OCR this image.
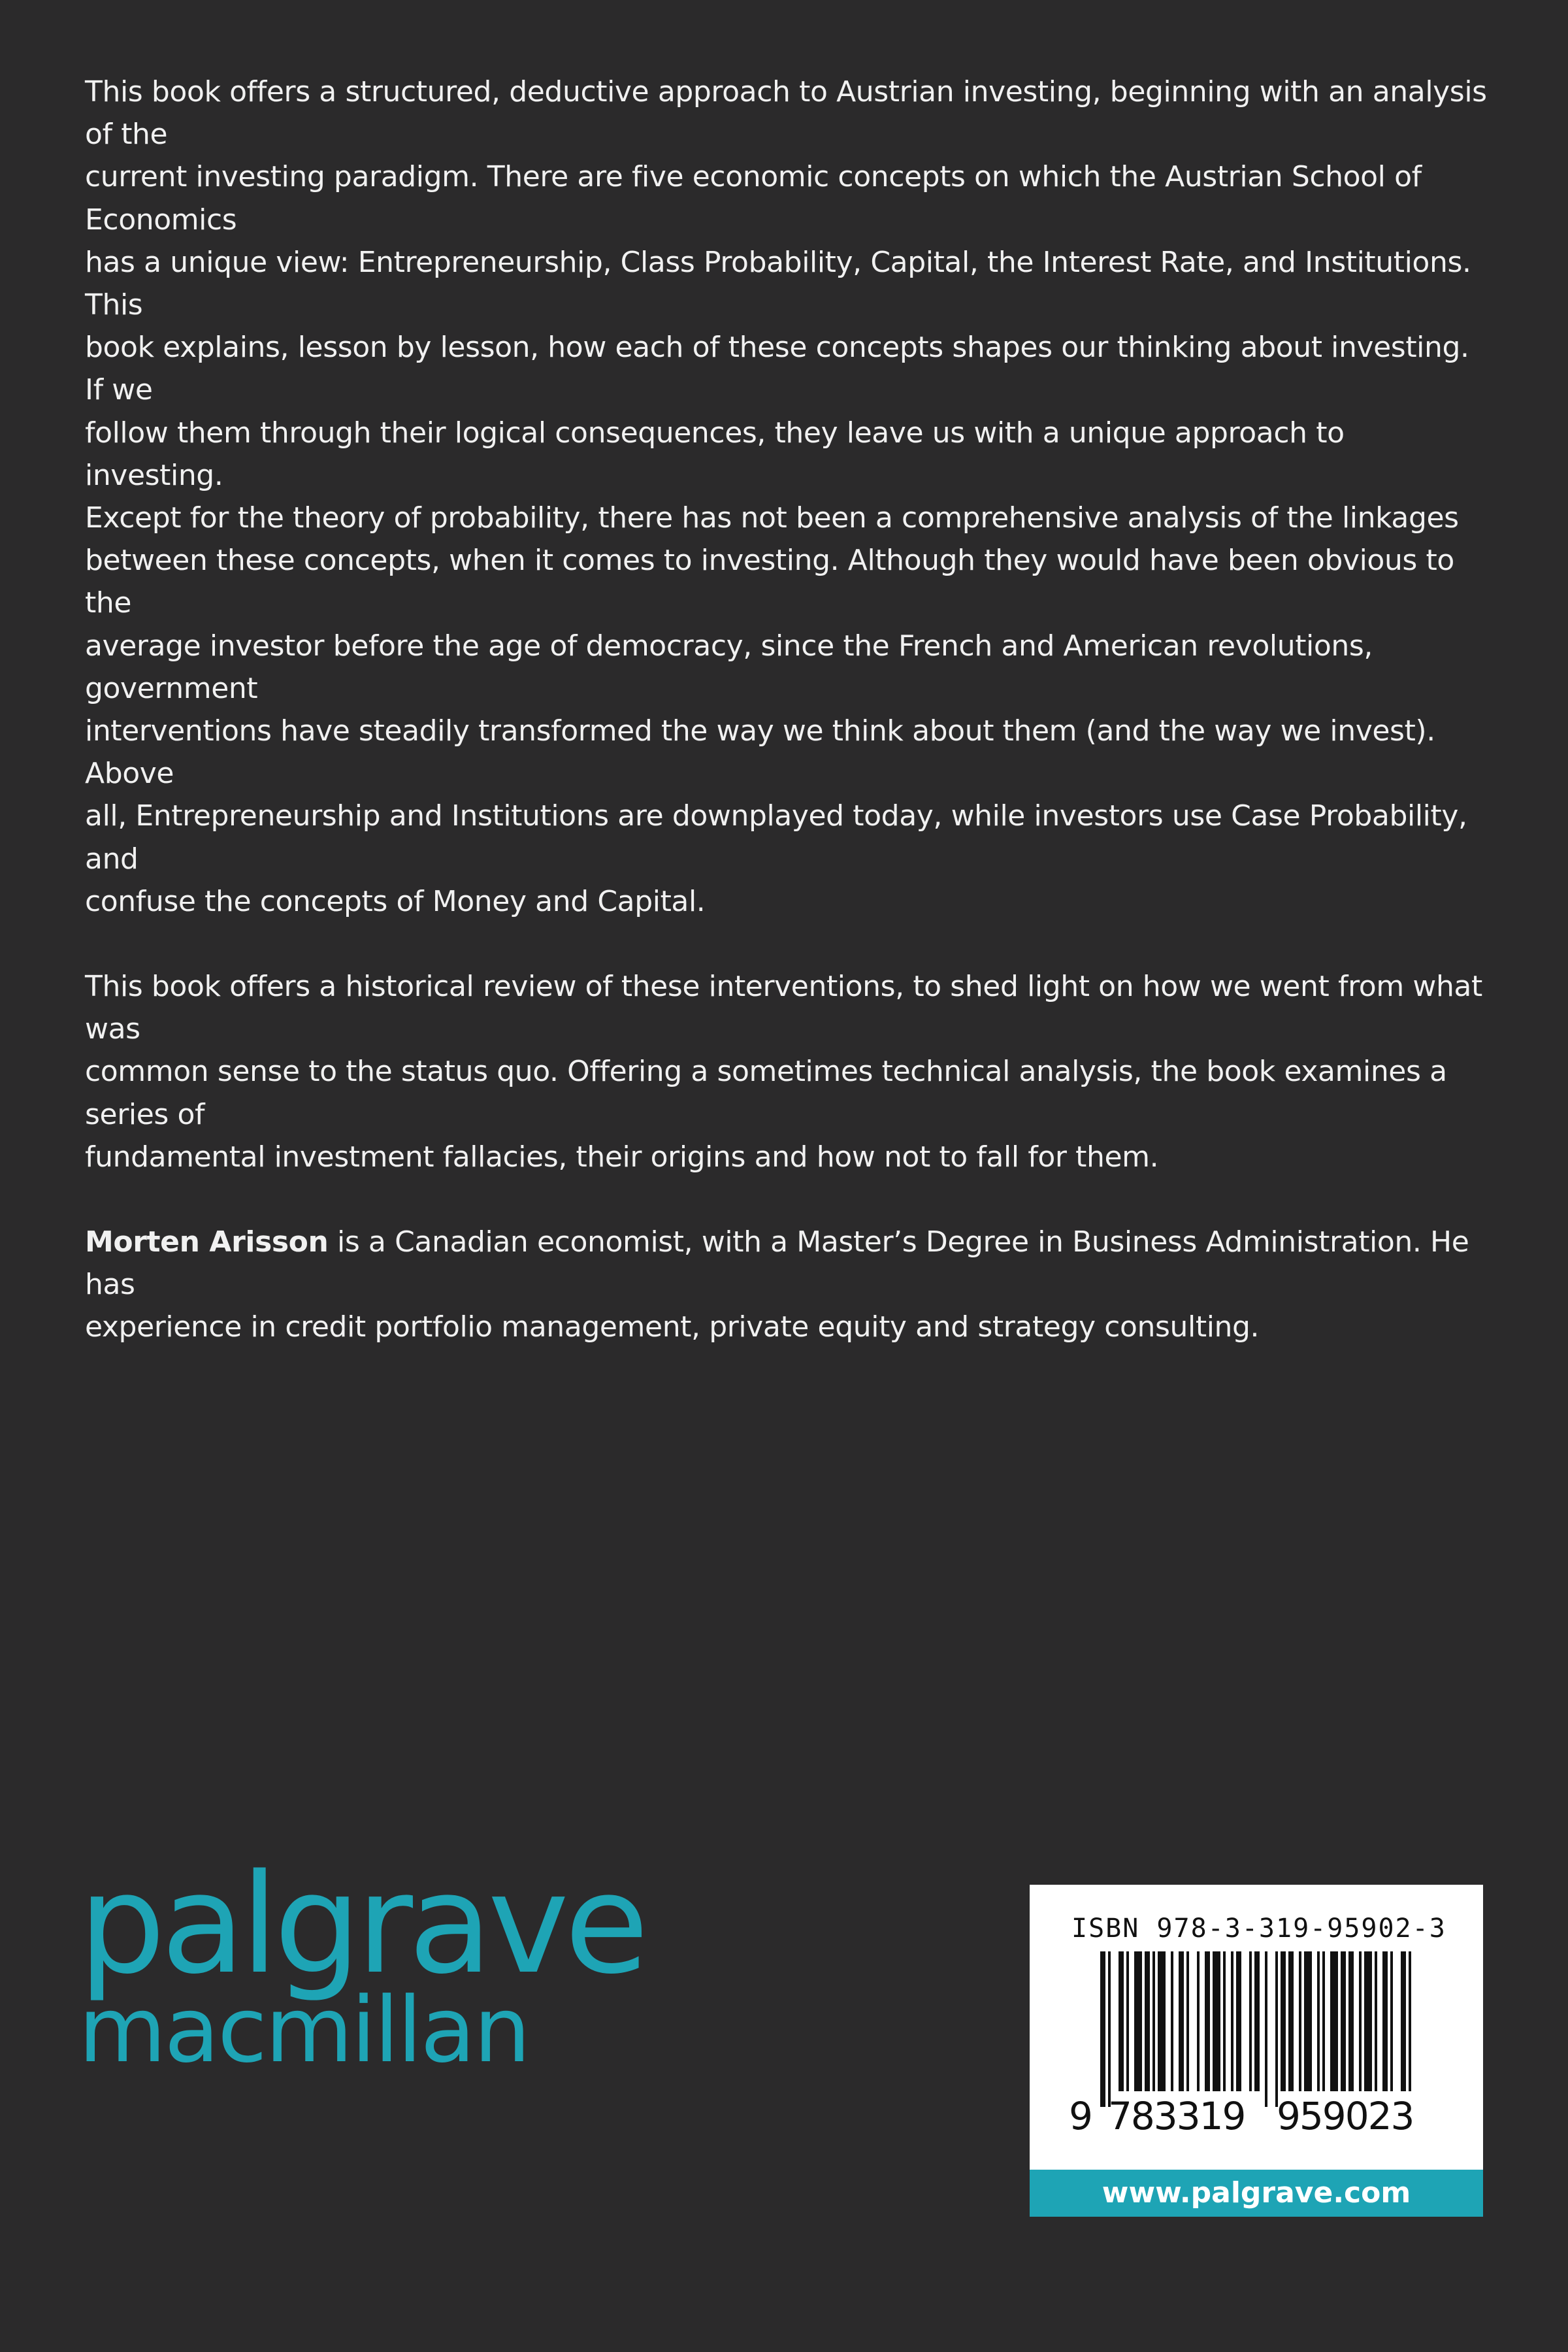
This book offers a structured, deductive approach to Austrian investing, beginning with an analysis of the
current investing paradigm. There are five economic concepts on which the Austrian School of Economics
has a unique view: Entrepreneurship, Class Probability, Capital, the Interest Rate, and Institutions. This
book explains, lesson by lesson, how each of these concepts shapes our thinking about investing. If we
follow them through their logical consequences, they leave us with a unique approach to investing.
Except for the theory of probability, there has not been a comprehensive analysis of the linkages
between these concepts, when it comes to investing. Although they would have been obvious to the
average investor before the age of democracy, since the French and American revolutions, government
interventions have steadily transformed the way we think about them (and the way we invest). Above
all, Entrepreneurship and Institutions are downplayed today, while investors use Case Probability, and
confuse the concepts of Money and Capital.

This book offers a historical review of these interventions, to shed light on how we went from what was
common sense to the status quo. Offering a sometimes technical analysis, the book examines a series of
fundamental investment fallacies, their origins and how not to fall for them.

Morten Arisson is a Canadian economist, with a Master’s Degree in Business Administration. He has
experience in credit portfolio management, private equity and strategy consulting.

palgrave
macmillan
ISBN 978-3-319-95902-3
9 783319 959023
www.palgrave.com
